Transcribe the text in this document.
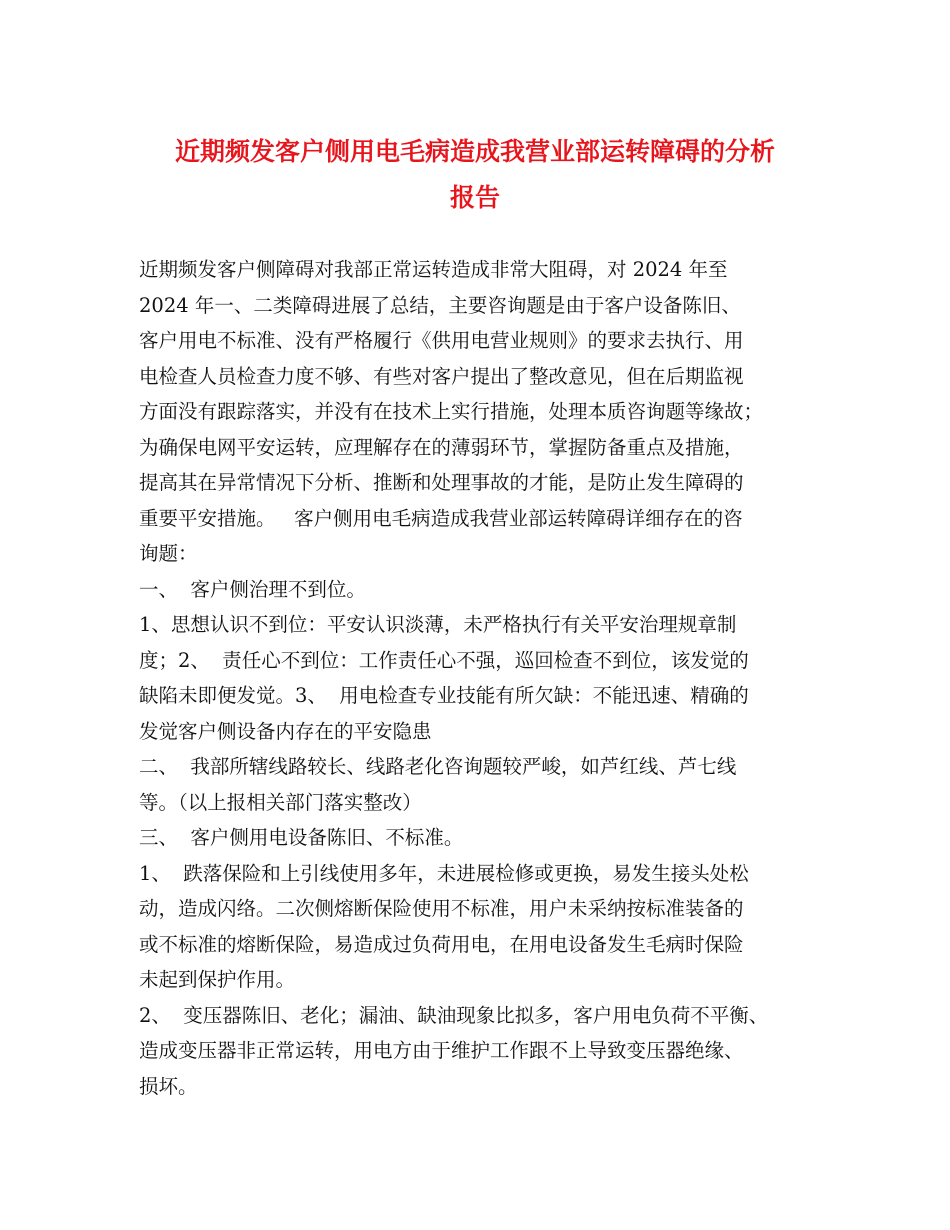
近期频发客户侧用电毛病造成我营业部运转障碍的分析
报告
近期频发客户侧障碍对我部正常运转造成非常大阻碍，对 2024 年至
2024 年一、二类障碍进展了总结，主要咨询题是由于客户设备陈旧、
客户用电不标准、没有严格履行《供用电营业规则》的要求去执行、用
电检查人员检查力度不够、有些对客户提出了整改意见，但在后期监视
方面没有跟踪落实，并没有在技术上实行措施，处理本质咨询题等缘故；
为确保电网平安运转，应理解存在的薄弱环节，掌握防备重点及措施，
提高其在异常情况下分析、推断和处理事故的才能，是防止发生障碍的
重要平安措施。   客户侧用电毛病造成我营业部运转障碍详细存在的咨
询题：
一、  客户侧治理不到位。
1、思想认识不到位：平安认识淡薄，未严格执行有关平安治理规章制
度；2、  责任心不到位：工作责任心不强，巡回检查不到位，该发觉的
缺陷未即便发觉。3、  用电检查专业技能有所欠缺：不能迅速、精确的
发觉客户侧设备内存在的平安隐患
二、  我部所辖线路较长、线路老化咨询题较严峻，如芦红线、芦七线
等。（以上报相关部门落实整改）
三、  客户侧用电设备陈旧、不标准。
1、  跌落保险和上引线使用多年，未进展检修或更换，易发生接头处松
动，造成闪络。二次侧熔断保险使用不标准，用户未采纳按标准装备的
或不标准的熔断保险，易造成过负荷用电，在用电设备发生毛病时保险
未起到保护作用。
2、  变压器陈旧、老化；漏油、缺油现象比拟多，客户用电负荷不平衡、
造成变压器非正常运转，用电方由于维护工作跟不上导致变压器绝缘、
损坏。
